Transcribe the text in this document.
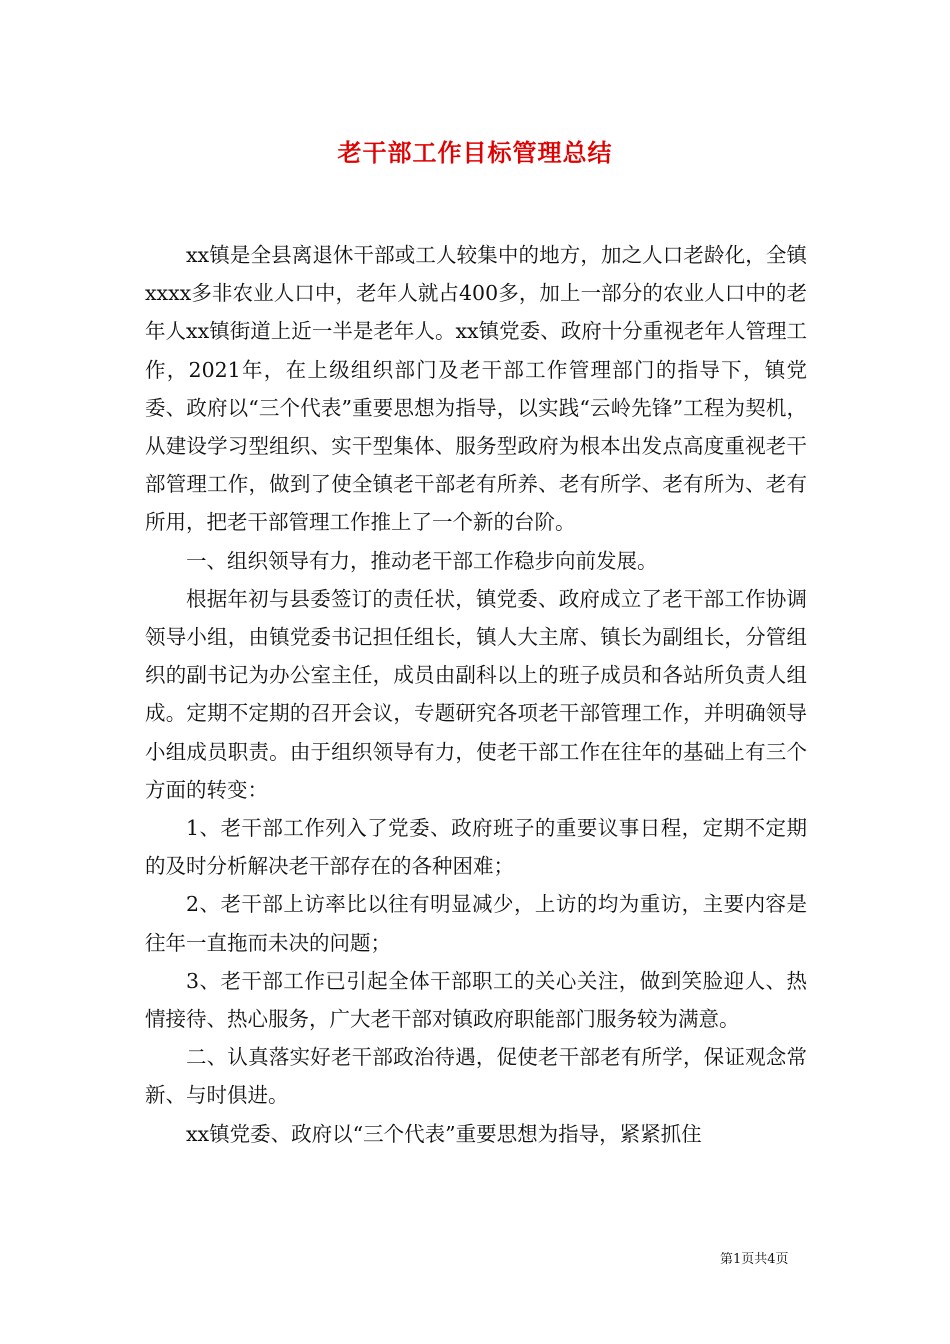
老干部工作目标管理总结

xx镇是全县离退休干部或工人较集中的地方，加之人口老龄化，全镇xxxx多非农业人口中，老年人就占400多，加上一部分的农业人口中的老年人xx镇街道上近一半是老年人。xx镇党委、政府十分重视老年人管理工作，2021年，在上级组织部门及老干部工作管理部门的指导下，镇党委、政府以“三个代表”重要思想为指导，以实践“云岭先锋”工程为契机，从建设学习型组织、实干型集体、服务型政府为根本出发点高度重视老干部管理工作，做到了使全镇老干部老有所养、老有所学、老有所为、老有所用，把老干部管理工作推上了一个新的台阶。

一、组织领导有力，推动老干部工作稳步向前发展。

根据年初与县委签订的责任状，镇党委、政府成立了老干部工作协调领导小组，由镇党委书记担任组长，镇人大主席、镇长为副组长，分管组织的副书记为办公室主任，成员由副科以上的班子成员和各站所负责人组成。定期不定期的召开会议，专题研究各项老干部管理工作，并明确领导小组成员职责。由于组织领导有力，使老干部工作在往年的基础上有三个方面的转变：

1、老干部工作列入了党委、政府班子的重要议事日程，定期不定期的及时分析解决老干部存在的各种困难；

2、老干部上访率比以往有明显减少，上访的均为重访，主要内容是往年一直拖而未决的问题；

3、老干部工作已引起全体干部职工的关心关注，做到笑脸迎人、热情接待、热心服务，广大老干部对镇政府职能部门服务较为满意。

二、认真落实好老干部政治待遇，促使老干部老有所学，保证观念常新、与时俱进。

xx镇党委、政府以“三个代表”重要思想为指导，紧紧抓住

第1页共4页
